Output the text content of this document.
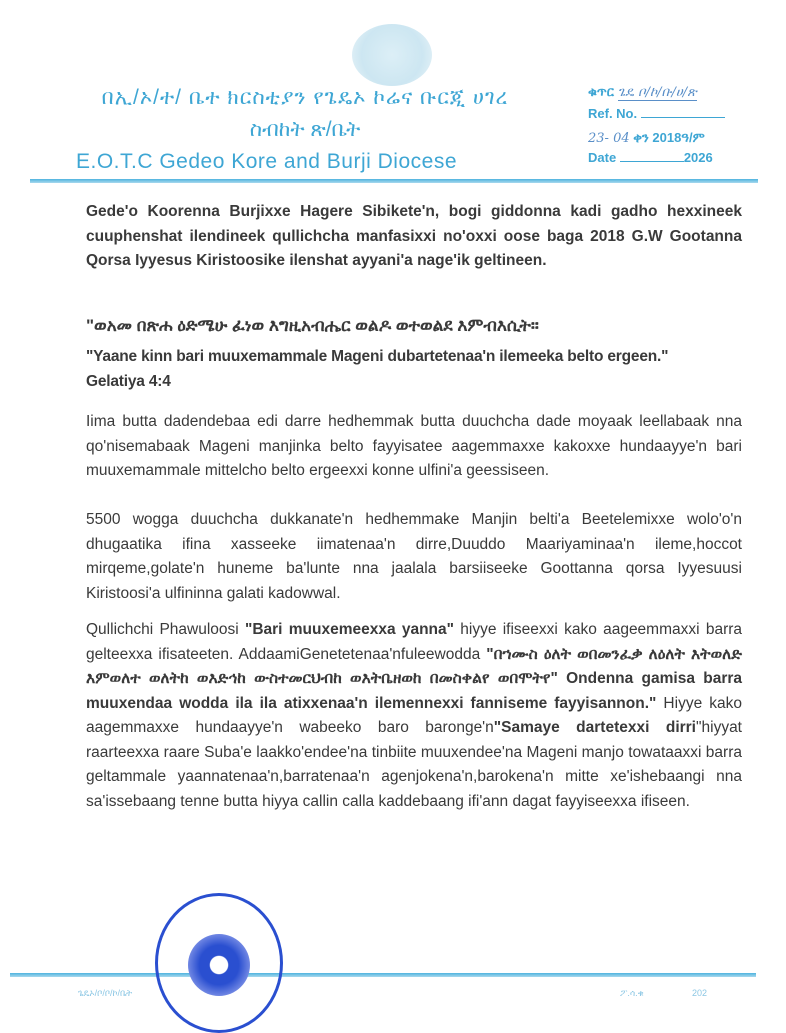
በኢ/ኦ/ተ/ ቤተ ክርስቲያን የጌዴኦ ኮሬና ቡርጂ ሀገረ
ስብከት ጽ/ቤት
E.O.T.C Gedeo Kore and Burji Diocese
ቁጥር ጌዴ ቦ/ኮ/ቡ/ሀ/ጽ
Ref. No.
23- 04 ቀን 2018ዓ/ም
Date	2026
Gede'o Koorenna Burjixxe Hagere Sibikete'n, bogi giddonna kadi gadho hexxineek cuuphenshat ilendineek qullichcha manfasixxi no'oxxi oose baga 2018 G.W Gootanna Qorsa Iyyesus Kiristoosike ilenshat ayyani'a nage'ik geltineen.
"ወአመ በጽሐ ዕድሜሁ ፈነወ እግዚአብሔር ወልዶ ወተወልደ እምብእሲት።
"Yaane kinn bari muuxemammale Mageni dubartetenaa'n ilemeeka belto ergeen." Gelatiya 4:4
Iima butta dadendebaa edi darre hedhemmak butta duuchcha dade moyaak leellabaak nna qo'nisemabaak Mageni manjinka belto fayyisatee aagemmaxxe kakoxxe hundaayye'n bari muuxemammale mittelcho belto ergeexxi konne ulfini'a geessiseen.
5500 wogga duuchcha dukkanate'n hedhemmake Manjin belti'a Beetelemixxe wolo'o'n dhugaatika ifina xasseeke iimatenaa'n dirre,Duuddo Maariyaminaa'n ileme,hoccot mirqeme,golate'n huneme ba'lunte nna jaalala barsiiseeke Goottanna qorsa Iyyesuusi Kiristoosi'a ulfininna galati kadowwal.
Qullichchi Phawuloosi "Bari muuxemeexxa yanna" hiyye ifiseexxi kako aageemmaxxi barra gelteexxa ifisateeten. AddaamiGenetetenaa'nfuleewodda "በኀሙስ ዕለት ወበመንፈቃ ለዕለት እትወለድ እምወለተ ወለትከ ወእድኅከ ውስተመርህብከ ወእትቤዘወከ በመስቀልየ ወበሞትየ" Ondenna gamisa barra muuxendaa wodda ila ila atixxenaa'n ilemennexxi fanniseme fayyisannon." Hiyye kako aagemmaxxe hundaayye'n wabeeko baro baronge'n"Samaye dartetexxi dirri"hiyyat raarteexxa raare Suba'e laakko'endee'na tinbiite muuxendee'na Mageni manjo towataaxxi barra geltammale yaannatenaa'n,barratenaa'n agenjokena'n,barokena'n mitte xe'ishebaangi nna sa'issebaang tenne butta hiyya callin calla kaddebaang ifi'ann dagat fayyiseexxa ifiseen.
ጌዴኦ/ቦ/ቦ/ኮ/ቤት	ፖ.ሳ.ቁ	202
